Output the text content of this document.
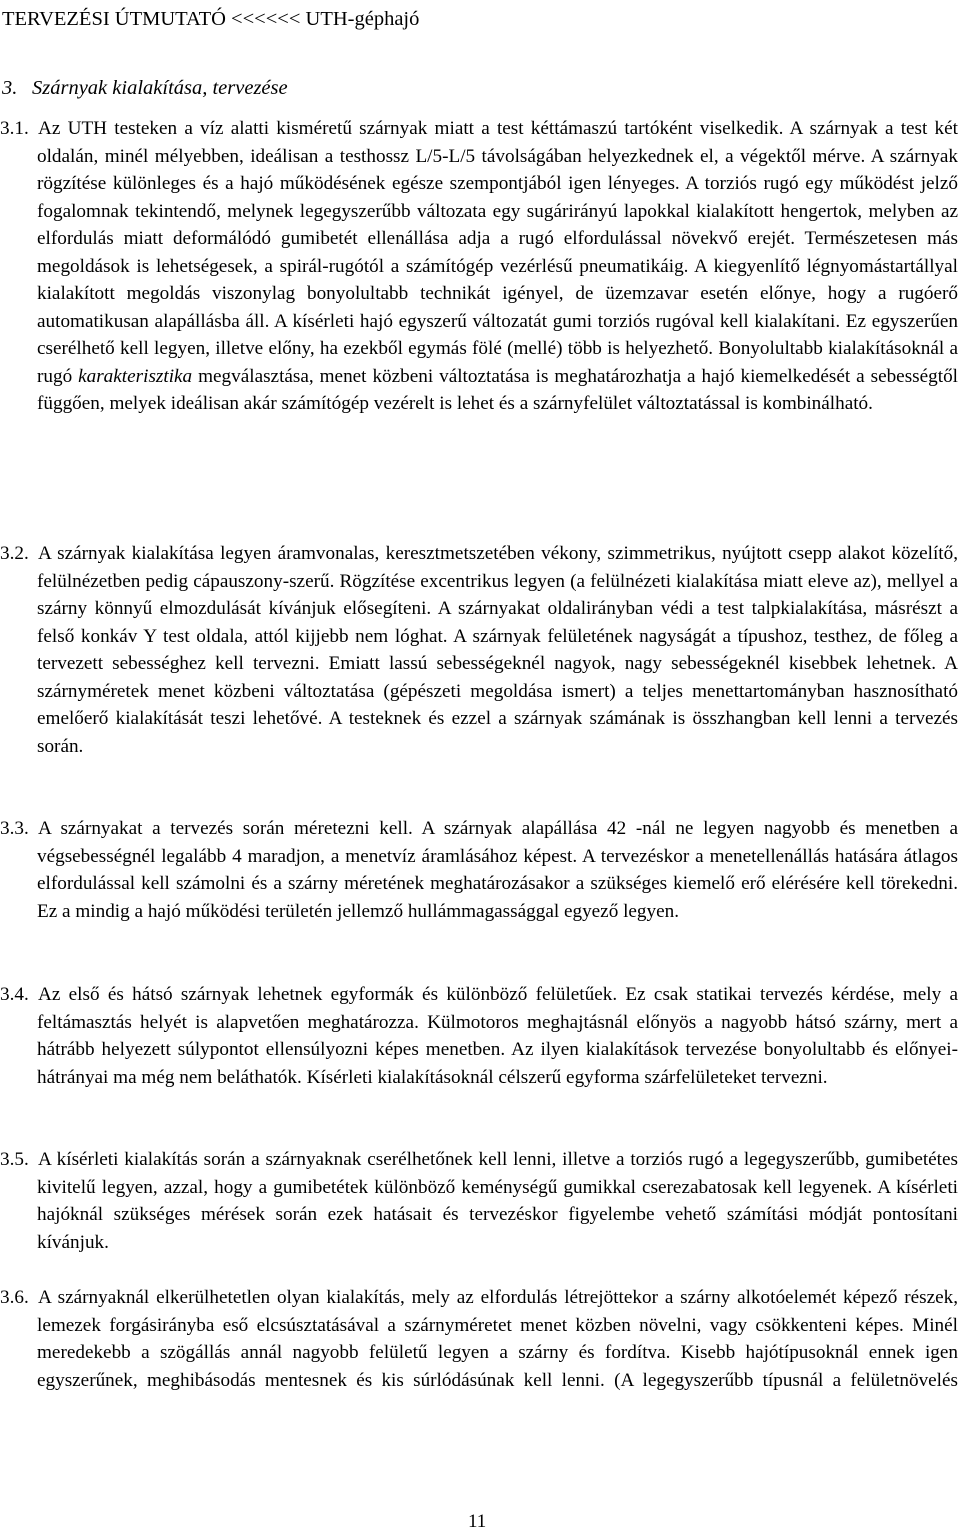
TERVEZÉSI ÚTMUTATÓ <<<<<< UTH-géphajó
3. Szárnyak kialakítása, tervezése

3.1. Az UTH testeken a víz alatti kisméretű szárnyak miatt a test kéttámaszú tartóként viselkedik. A szárnyak a test két oldalán, minél mélyebben, ideálisan a testhossz L/5-L/5 távolságában helyezkednek el, a végektől mérve. A szárnyak rögzítése különleges és a hajó működésének egésze szempontjából igen lényeges. A torziós rugó egy működést jelző fogalomnak tekintendő, melynek legegyszerűbb változata egy sugárirányú lapokkal kialakított hengertok, melyben az elfordulás miatt deformálódó gumibetét ellenállása adja a rugó elfordulással növekvő erejét. Természetesen más megoldások is lehetségesek, a spirál-rugótól a számítógép vezérlésű pneumatikáig. A kiegyenlítő légnyomástartállyal kialakított megoldás viszonylag bonyolultabb technikát igényel, de üzemzavar esetén előnye, hogy a rugóerő automatikusan alapállásba áll. A kísérleti hajó egyszerű változatát gumi torziós rugóval kell kialakítani. Ez egyszerűen cserélhető kell legyen, illetve előny, ha ezekből egymás fölé (mellé) több is helyezhető. Bonyolultabb kialakításoknál a rugó karakterisztika megválasztása, menet közbeni változtatása is meghatározhatja a hajó kiemelkedését a sebességtől függően, melyek ideálisan akár számítógép vezérelt is lehet és a szárnyfelület változtatással is kombinálható.

3.2. A szárnyak kialakítása legyen áramvonalas, keresztmetszetében vékony, szimmetrikus, nyújtott csepp alakot közelítő, felülnézetben pedig cápauszony-szerű. Rögzítése excentrikus legyen (a felülnézeti kialakítása miatt eleve az), mellyel a szárny könnyű elmozdulását kívánjuk elősegíteni. A szárnyakat oldalirányban védi a test talpkialakítása, másrészt a felső konkáv Y test oldala, attól kijjebb nem lóghat. A szárnyak felületének nagyságát a típushoz, testhez, de főleg a tervezett sebességhez kell tervezni. Emiatt lassú sebességeknél nagyok, nagy sebességeknél kisebbek lehetnek. A szárnyméretek menet közbeni változtatása (gépészeti megoldása ismert) a teljes menettartományban hasznosítható emelőerő kialakítását teszi lehetővé. A testeknek és ezzel a szárnyak számának is összhangban kell lenni a tervezés során.

3.3. A szárnyakat a tervezés során méretezni kell. A szárnyak alapállása 42 -nál ne legyen nagyobb és menetben a végsebességnél legalább 4 maradjon, a menetvíz áramlásához képest. A tervezéskor a menetellenállás hatására átlagos elfordulással kell számolni és a szárny méretének meghatározásakor a szükséges kiemelő erő elérésére kell törekedni. Ez a mindig a hajó működési területén jellemző hullámmagassággal egyező legyen.

3.4. Az első és hátsó szárnyak lehetnek egyformák és különböző felületűek. Ez csak statikai tervezés kérdése, mely a feltámasztás helyét is alapvetően meghatározza. Külmotoros meghajtásnál előnyös a nagyobb hátsó szárny, mert a hátrább helyezett súlypontot ellensúlyozni képes menetben. Az ilyen kialakítások tervezése bonyolultabb és előnyei-hátrányai ma még nem beláthatók. Kísérleti kialakításoknál célszerű egyforma szárfelületeket tervezni.

3.5. A kísérleti kialakítás során a szárnyaknak cserélhetőnek kell lenni, illetve a torziós rugó a legegyszerűbb, gumibetétes kivitelű legyen, azzal, hogy a gumibetétek különböző keménységű gumikkal cserezabatosak kell legyenek. A kísérleti hajóknál szükséges mérések során ezek hatásait és tervezéskor figyelembe vehető számítási módját pontosítani kívánjuk.

3.6. A szárnyaknál elkerülhetetlen olyan kialakítás, mely az elfordulás létrejöttekor a szárny alkotóelemét képező részek, lemezek forgásirányba eső elcsúsztatásával a szárnyméretet menet közben növelni, vagy csökkenteni képes. Minél meredekebb a szögállás annál nagyobb felületű legyen a szárny és fordítva. Kisebb hajótípusoknál ennek igen egyszerűnek, meghibásodás mentesnek és kis súrlódásúnak kell lenni. (A legegyszerűbb típusnál a felületnövelés

11
